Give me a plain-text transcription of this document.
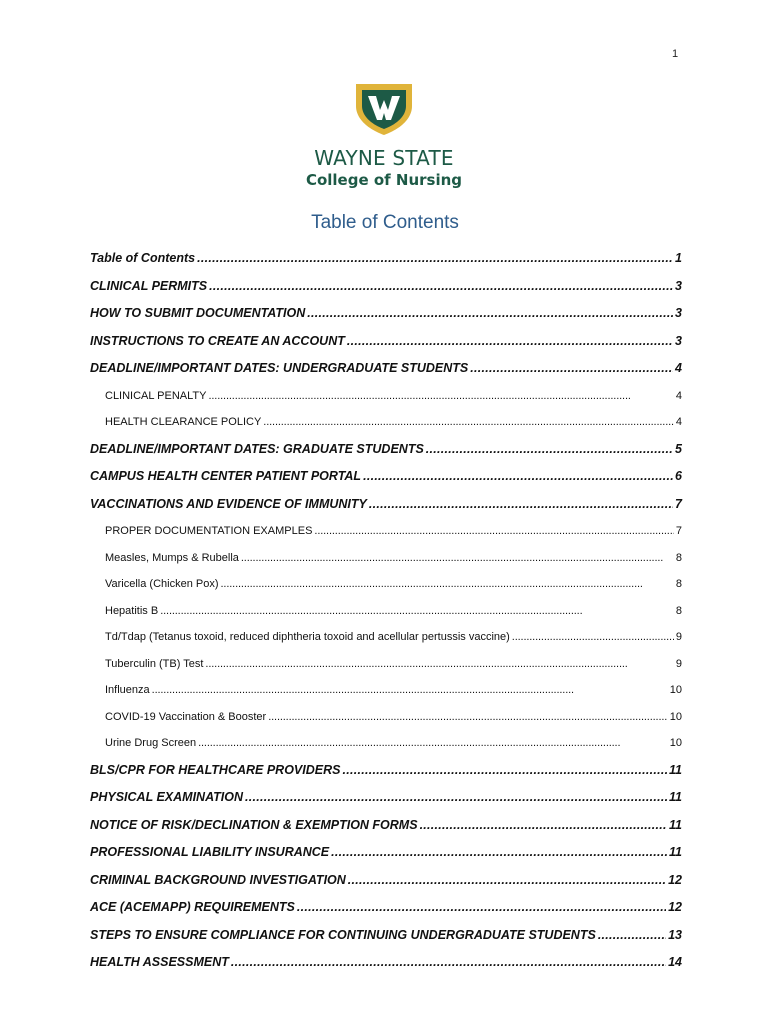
1
WAYNE STATE
College of Nursing
Table of Contents
Table of Contents . . .	1
CLINICAL PERMITS . . .	3
HOW TO SUBMIT DOCUMENTATION . . .	3
INSTRUCTIONS TO CREATE AN ACCOUNT . . .	3
DEADLINE/IMPORTANT DATES: UNDERGRADUATE STUDENTS . . .	4
CLINICAL PENALTY . . .	4
HEALTH CLEARANCE POLICY . . .	4
DEADLINE/IMPORTANT DATES: GRADUATE STUDENTS . . .	5
CAMPUS HEALTH CENTER PATIENT PORTAL . . .	6
VACCINATIONS AND EVIDENCE OF IMMUNITY . . .	7
PROPER DOCUMENTATION EXAMPLES . . .	7
Measles, Mumps & Rubella . . .	8
Varicella (Chicken Pox) . . .	8
Hepatitis B . . .	8
Td/Tdap (Tetanus toxoid, reduced diphtheria toxoid and acellular pertussis vaccine) . . .	9
Tuberculin (TB) Test . . .	9
Influenza . . .	10
COVID-19 Vaccination & Booster . . .	10
Urine Drug Screen . . .	10
BLS/CPR FOR HEALTHCARE PROVIDERS . . .	11
PHYSICAL EXAMINATION . . .	11
NOTICE OF RISK/DECLINATION & EXEMPTION FORMS . . .	11
PROFESSIONAL LIABILITY INSURANCE . . .	11
CRIMINAL BACKGROUND INVESTIGATION . . .	12
ACE (ACEMAPP) REQUIREMENTS . . .	12
STEPS TO ENSURE COMPLIANCE FOR CONTINUING UNDERGRADUATE STUDENTS . . .	13
HEALTH ASSESSMENT . . .	14
